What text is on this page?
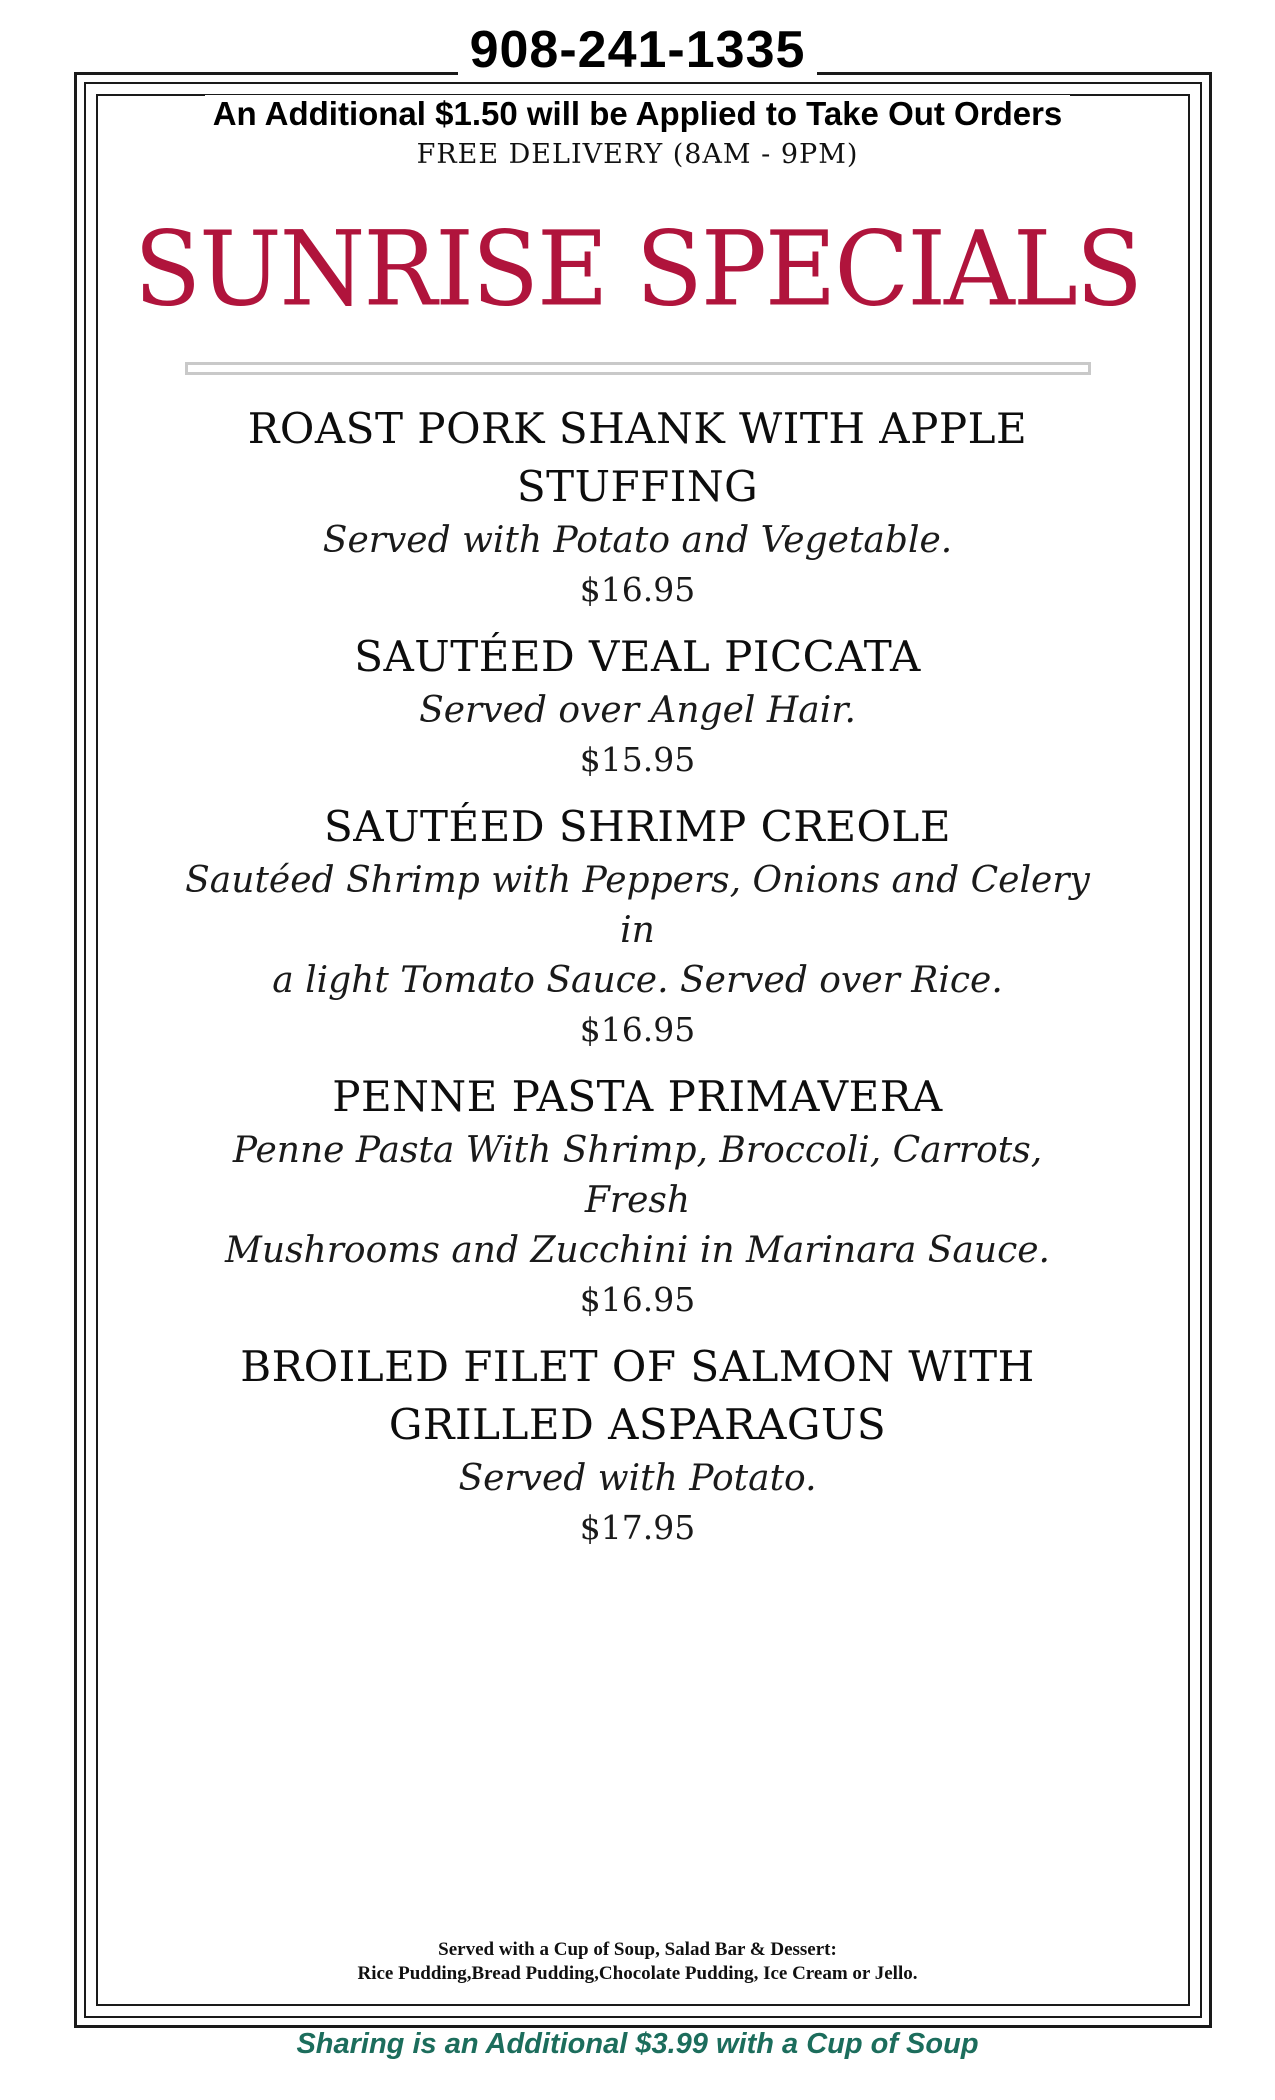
908-241-1335
An Additional $1.50 will be Applied to Take Out Orders
FREE DELIVERY (8AM - 9PM)
SUNRISE SPECIALS
ROAST PORK SHANK WITH APPLE
STUFFING
Served with Potato and Vegetable.
$16.95
SAUTÉED VEAL PICCATA
Served over Angel Hair.
$15.95
SAUTÉED SHRIMP CREOLE
Sautéed Shrimp with Peppers, Onions and Celery in
a light Tomato Sauce. Served over Rice.
$16.95
PENNE PASTA PRIMAVERA
Penne Pasta With Shrimp, Broccoli, Carrots, Fresh
Mushrooms and Zucchini in Marinara Sauce.
$16.95
BROILED FILET OF SALMON WITH
GRILLED ASPARAGUS
Served with Potato.
$17.95
Served with a Cup of Soup, Salad Bar & Dessert:
Rice Pudding,Bread Pudding,Chocolate Pudding, Ice Cream or Jello.
Sharing is an Additional $3.99 with a Cup of Soup
